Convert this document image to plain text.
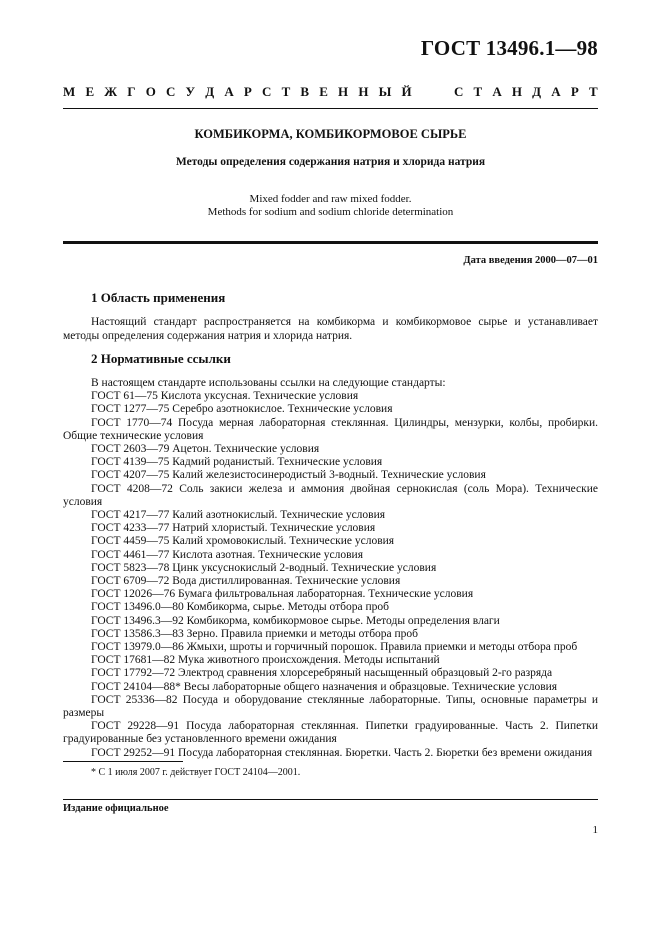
ГОСТ 13496.1—98
М Е Ж Г О С У Д А Р С Т В Е Н Н Ы Й	С Т А Н Д А Р Т
КОМБИКОРМА, КОМБИКОРМОВОЕ СЫРЬЕ
Методы определения содержания натрия и хлорида натрия
Mixed fodder and raw mixed fodder.
Methods for sodium and sodium chloride determination
Дата введения 2000—07—01
1 Область применения
Настоящий стандарт распространяется на комбикорма и комбикормовое сырье и устанавливает методы определения содержания натрия и хлорида натрия.
2 Нормативные ссылки
В настоящем стандарте использованы ссылки на следующие стандарты:
ГОСТ 61—75 Кислота уксусная. Технические условия
ГОСТ 1277—75 Серебро азотнокислое. Технические условия
ГОСТ 1770—74 Посуда мерная лабораторная стеклянная. Цилиндры, мензурки, колбы, пробирки. Общие технические условия
ГОСТ 2603—79 Ацетон. Технические условия
ГОСТ 4139—75 Кадмий роданистый. Технические условия
ГОСТ 4207—75 Калий железистосинеродистый 3-водный. Технические условия
ГОСТ 4208—72 Соль закиси железа и аммония двойная сернокислая (соль Мора). Технические условия
ГОСТ 4217—77 Калий азотнокислый. Технические условия
ГОСТ 4233—77 Натрий хлористый. Технические условия
ГОСТ 4459—75 Калий хромовокислый. Технические условия
ГОСТ 4461—77 Кислота азотная. Технические условия
ГОСТ 5823—78 Цинк уксуснокислый 2-водный. Технические условия
ГОСТ 6709—72 Вода дистиллированная. Технические условия
ГОСТ 12026—76 Бумага фильтровальная лабораторная. Технические условия
ГОСТ 13496.0—80 Комбикорма, сырье. Методы отбора проб
ГОСТ 13496.3—92 Комбикорма, комбикормовое сырье. Методы определения влаги
ГОСТ 13586.3—83 Зерно. Правила приемки и методы отбора проб
ГОСТ 13979.0—86 Жмыхи, шроты и горчичный порошок. Правила приемки и методы отбора проб
ГОСТ 17681—82 Мука животного происхождения. Методы испытаний
ГОСТ 17792—72 Электрод сравнения хлорсеребряный насыщенный образцовый 2-го разряда
ГОСТ 24104—88* Весы лабораторные общего назначения и образцовые. Технические условия
ГОСТ 25336—82 Посуда и оборудование стеклянные лабораторные. Типы, основные параметры и размеры
ГОСТ 29228—91 Посуда лабораторная стеклянная. Пипетки градуированные. Часть 2. Пипетки градуированные без установленного времени ожидания
ГОСТ 29252—91 Посуда лабораторная стеклянная. Бюретки. Часть 2. Бюретки без времени ожидания
* С 1 июля 2007 г. действует ГОСТ 24104—2001.
Издание официальное
1
